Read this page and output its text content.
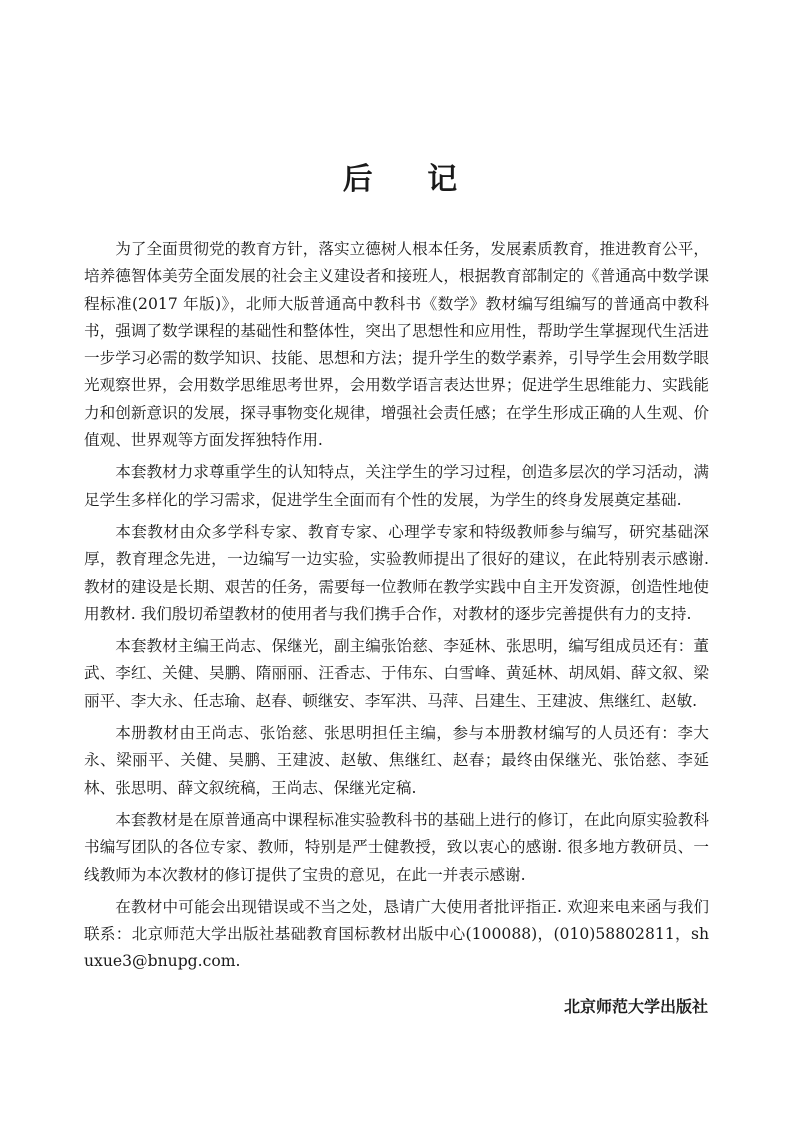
后 记

为了全面贯彻党的教育方针，落实立德树人根本任务，发展素质教育，推进教育公平，培养德智体美劳全面发展的社会主义建设者和接班人，根据教育部制定的《普通高中数学课程标准(2017 年版)》，北师大版普通高中教科书《数学》教材编写组编写的普通高中教科书，强调了数学课程的基础性和整体性，突出了思想性和应用性，帮助学生掌握现代生活进一步学习必需的数学知识、技能、思想和方法；提升学生的数学素养，引导学生会用数学眼光观察世界，会用数学思维思考世界，会用数学语言表达世界；促进学生思维能力、实践能力和创新意识的发展，探寻事物变化规律，增强社会责任感；在学生形成正确的人生观、价值观、世界观等方面发挥独特作用.

本套教材力求尊重学生的认知特点，关注学生的学习过程，创造多层次的学习活动，满足学生多样化的学习需求，促进学生全面而有个性的发展，为学生的终身发展奠定基础.

本套教材由众多学科专家、教育专家、心理学专家和特级教师参与编写，研究基础深厚，教育理念先进，一边编写一边实验，实验教师提出了很好的建议，在此特别表示感谢. 教材的建设是长期、艰苦的任务，需要每一位教师在教学实践中自主开发资源，创造性地使用教材. 我们殷切希望教材的使用者与我们携手合作，对教材的逐步完善提供有力的支持.

本套教材主编王尚志、保继光，副主编张饴慈、李延林、张思明，编写组成员还有：董武、李红、关健、吴鹏、隋丽丽、汪香志、于伟东、白雪峰、黄延林、胡凤娟、薛文叙、梁丽平、李大永、任志瑜、赵春、顿继安、李军洪、马萍、吕建生、王建波、焦继红、赵敏.

本册教材由王尚志、张饴慈、张思明担任主编，参与本册教材编写的人员还有：李大永、梁丽平、关健、吴鹏、王建波、赵敏、焦继红、赵春；最终由保继光、张饴慈、李延林、张思明、薛文叙统稿，王尚志、保继光定稿.

本套教材是在原普通高中课程标准实验教科书的基础上进行的修订，在此向原实验教科书编写团队的各位专家、教师，特别是严士健教授，致以衷心的感谢. 很多地方教研员、一线教师为本次教材的修订提供了宝贵的意见，在此一并表示感谢.

在教材中可能会出现错误或不当之处，恳请广大使用者批评指正. 欢迎来电来函与我们联系：北京师范大学出版社基础教育国标教材出版中心(100088)，(010)58802811，shuxue3@bnupg.com.

北京师范大学出版社
